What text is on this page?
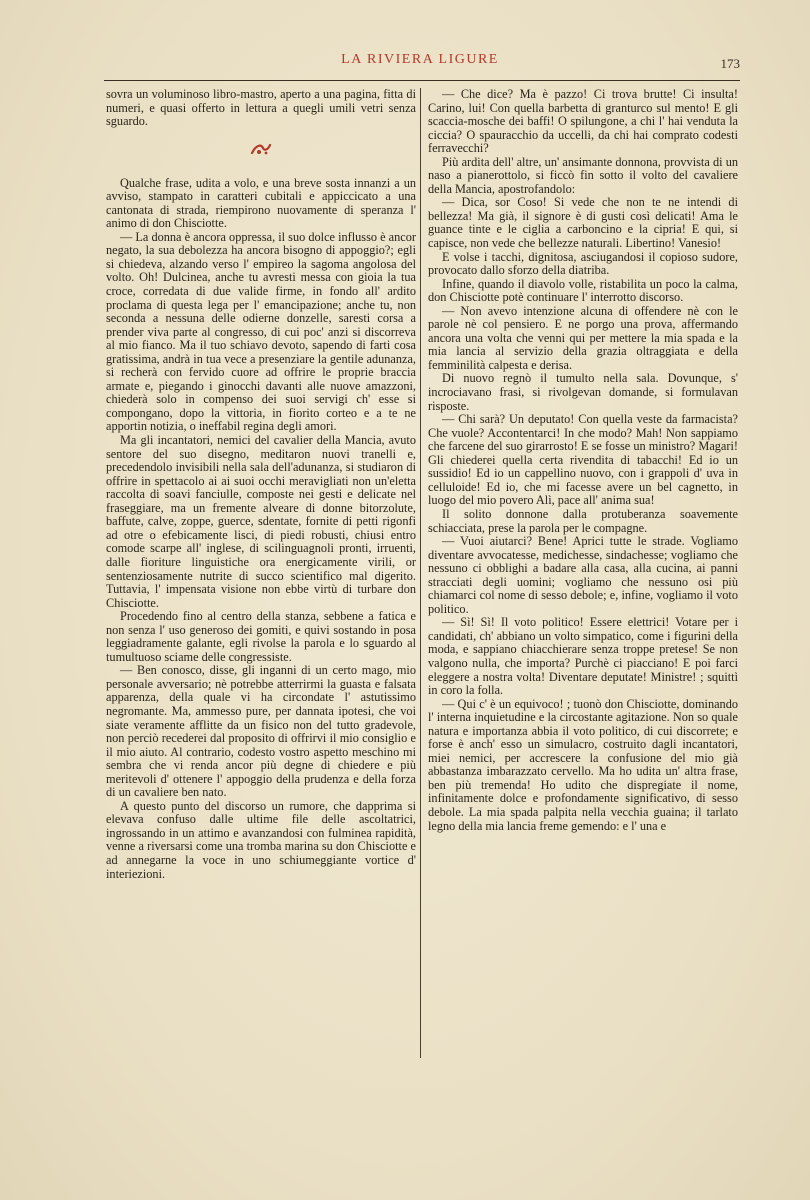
LA RIVIERA LIGURE	173

sovra un voluminoso libro-mastro, aperto a una pagina, fitta di numeri, e quasi offerto in lettura a quegli umili vetri senza sguardo.

Qualche frase, udita a volo, e una breve sosta innanzi a un avviso, stampato in caratteri cubitali e appiccicato a una cantonata di strada, riempirono nuovamente di speranza l' animo di don Chisciotte.

— La donna è ancora oppressa, il suo dolce influsso è ancor negato, la sua debolezza ha ancora bisogno di appoggio?; egli si chiedeva, alzando verso l' empireo la sagoma angolosa del volto. Oh! Dulcinea, anche tu avresti messa con gioia la tua croce, corredata di due valide firme, in fondo all' ardito proclama di questa lega per l' emancipazione; anche tu, non seconda a nessuna delle odierne donzelle, saresti corsa a prender viva parte al congresso, di cui poc' anzi si discorreva al mio fianco. Ma il tuo schiavo devoto, sapendo di farti cosa gratissima, andrà in tua vece a presenziare la gentile adunanza, si recherà con fervido cuore ad offrire le proprie braccia armate e, piegando i ginocchi davanti alle nuove amazzoni, chiederà solo in compenso dei suoi servigi ch' esse si compongano, dopo la vittoria, in fiorito corteo e a te ne apportin notizia, o ineffabil regina degli amori.

Ma gli incantatori, nemici del cavalier della Mancia, avuto sentore del suo disegno, meditaron nuovi tranelli e, precedendolo invisibili nella sala dell'adunanza, si studiaron di offrire in spettacolo ai ai suoi occhi meravigliati non un'eletta raccolta di soavi fanciulle, composte nei gesti e delicate nel fraseggiare, ma un fremente alveare di donne bitorzolute, baffute, calve, zoppe, guerce, sdentate, fornite di petti rigonfi ad otre o efebicamente lisci, di piedi robusti, chiusi entro comode scarpe all' inglese, di scilinguagnoli pronti, irruenti, dalle fioriture linguistiche ora energicamente virili, or sentenziosamente nutrite di succo scientifico mal digerito. Tuttavia, l' impensata visione non ebbe virtù di turbare don Chisciotte.

Procedendo fino al centro della stanza, sebbene a fatica e non senza l' uso generoso dei gomiti, e quivi sostando in posa leggiadramente galante, egli rivolse la parola e lo sguardo al tumultuoso sciame delle congressiste.

— Ben conosco, disse, gli inganni di un certo mago, mio personale avversario; nè potrebbe atterrirmi la guasta e falsata apparenza, della quale vi ha circondate l' astutissimo negromante. Ma, ammesso pure, per dannata ipotesi, che voi siate veramente afflitte da un fisico non del tutto gradevole, non perciò recederei dal proposito di offrirvi il mio consiglio e il mio aiuto. Al contrario, codesto vostro aspetto meschino mi sembra che vi renda ancor più degne di chiedere e più meritevoli d' ottenere l' appoggio della prudenza e della forza di un cavaliere ben nato.

A questo punto del discorso un rumore, che dapprima si elevava confuso dalle ultime file delle ascoltatrici, ingrossando in un attimo e avanzandosi con fulminea rapidità, venne a riversarsi come una tromba marina su don Chisciotte e ad annegarne la voce in uno schiumeggiante vortice d' interiezioni.

— Che dice? Ma è pazzo! Ci trova brutte! Ci insulta! Carino, lui! Con quella barbetta di granturco sul mento! E gli scaccia-mosche dei baffi! O spilungone, a chi l' hai venduta la ciccia? O spauracchio da uccelli, da chi hai comprato codesti ferravecchi?

Più ardita dell' altre, un' ansimante donnona, provvista di un naso a pianerottolo, si ficcò fin sotto il volto del cavaliere della Mancia, apostrofandolo:

— Dica, sor Coso! Si vede che non te ne intendi di bellezza! Ma già, il signore è di gusti così delicati! Ama le guance tinte e le ciglia a carboncino e la cipria! E qui, si capisce, non vede che bellezze naturali. Libertino! Vanesio!

E volse i tacchi, dignitosa, asciugandosi il copioso sudore, provocato dallo sforzo della diatriba.

Infine, quando il diavolo volle, ristabilita un poco la calma, don Chisciotte potè continuare l' interrotto discorso.

— Non avevo intenzione alcuna di offendere nè con le parole nè col pensiero. E ne porgo una prova, affermando ancora una volta che venni qui per mettere la mia spada e la mia lancia al servizio della grazia oltraggiata e della femminilità calpesta e derisa.

Di nuovo regnò il tumulto nella sala. Dovunque, s' incrociavano frasi, si rivolgevan domande, si formulavan risposte.

— Chi sarà? Un deputato! Con quella veste da farmacista? Che vuole? Accontentarci! In che modo? Mah! Non sappiamo che farcene del suo girarrosto! E se fosse un ministro? Magari! Gli chiederei quella certa rivendita di tabacchi! Ed io un sussidio! Ed io un cappellino nuovo, con i grappoli d' uva in celluloide! Ed io, che mi facesse avere un bel cagnetto, in luogo del mio povero Alì, pace all' anima sua!

Il solito donnone dalla protuberanza soavemente schiacciata, prese la parola per le compagne.

— Vuoi aiutarci? Bene! Aprici tutte le strade. Vogliamo diventare avvocatesse, medichesse, sindachesse; vogliamo che nessuno ci obblighi a badare alla casa, alla cucina, ai panni stracciati degli uomini; vogliamo che nessuno osi più chiamarci col nome di sesso debole; e, infine, vogliamo il voto politico.

— Sì! Sì! Il voto politico! Essere elettrici! Votare per i candidati, ch' abbiano un volto simpatico, come i figurini della moda, e sappiano chiacchierare senza troppe pretese! Se non valgono nulla, che importa? Purchè ci piacciano! E poi farci eleggere a nostra volta! Diventare deputate! Ministre! ; squittì in coro la folla.

— Qui c' è un equivoco! ; tuonò don Chisciotte, dominando l' interna inquietudine e la circostante agitazione. Non so quale natura e importanza abbia il voto politico, di cui discorrete; e forse è anch' esso un simulacro, costruito dagli incantatori, miei nemici, per accrescere la confusione del mio già abbastanza imbarazzato cervello. Ma ho udita un' altra frase, ben più tremenda! Ho udito che dispregiate il nome, infinitamente dolce e profondamente significativo, di sesso debole. La mia spada palpita nella vecchia guaina; il tarlato legno della mia lancia freme gemendo: e l' una e
